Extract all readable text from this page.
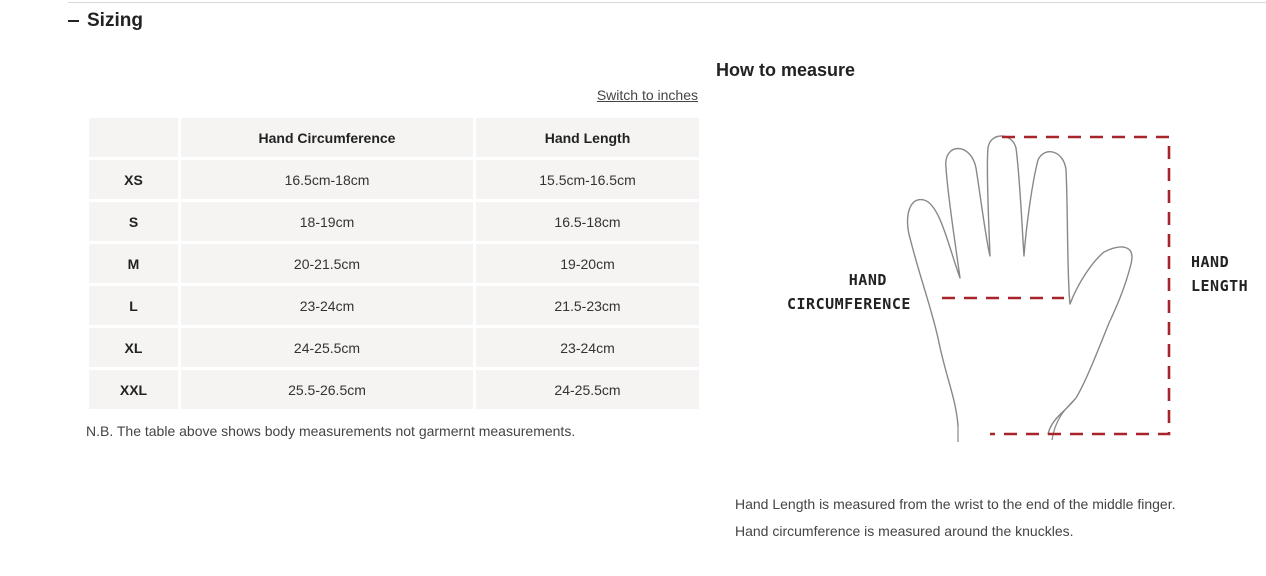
Sizing
Switch to inches
	Hand Circumference	Hand Length
XS	16.5cm-18cm	15.5cm-16.5cm
S	18-19cm	16.5-18cm
M	20-21.5cm	19-20cm
L	23-24cm	21.5-23cm
XL	24-25.5cm	23-24cm
XXL	25.5-26.5cm	24-25.5cm
N.B. The table above shows body measurements not garmernt measurements.
How to measure
HAND
CIRCUMFERENCE
HAND
LENGTH
Hand Length is measured from the wrist to the end of the middle finger.
Hand circumference is measured around the knuckles.
